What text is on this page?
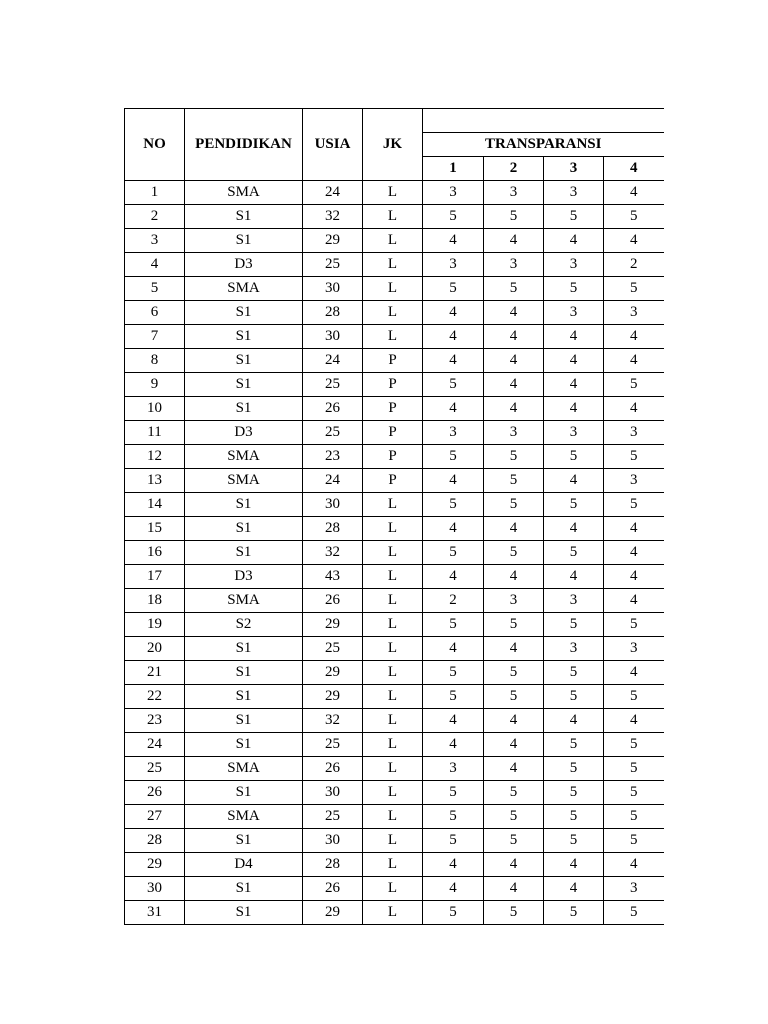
NO	PENDIDIKAN	USIA	JK				
				TRANSPARANSI			
				1	2	3	4
1	SMA	24	L	3	3	3	4
2	S1	32	L	5	5	5	5
3	S1	29	L	4	4	4	4
4	D3	25	L	3	3	3	2
5	SMA	30	L	5	5	5	5
6	S1	28	L	4	4	3	3
7	S1	30	L	4	4	4	4
8	S1	24	P	4	4	4	4
9	S1	25	P	5	4	4	5
10	S1	26	P	4	4	4	4
11	D3	25	P	3	3	3	3
12	SMA	23	P	5	5	5	5
13	SMA	24	P	4	5	4	3
14	S1	30	L	5	5	5	5
15	S1	28	L	4	4	4	4
16	S1	32	L	5	5	5	4
17	D3	43	L	4	4	4	4
18	SMA	26	L	2	3	3	4
19	S2	29	L	5	5	5	5
20	S1	25	L	4	4	3	3
21	S1	29	L	5	5	5	4
22	S1	29	L	5	5	5	5
23	S1	32	L	4	4	4	4
24	S1	25	L	4	4	5	5
25	SMA	26	L	3	4	5	5
26	S1	30	L	5	5	5	5
27	SMA	25	L	5	5	5	5
28	S1	30	L	5	5	5	5
29	D4	28	L	4	4	4	4
30	S1	26	L	4	4	4	3
31	S1	29	L	5	5	5	5
